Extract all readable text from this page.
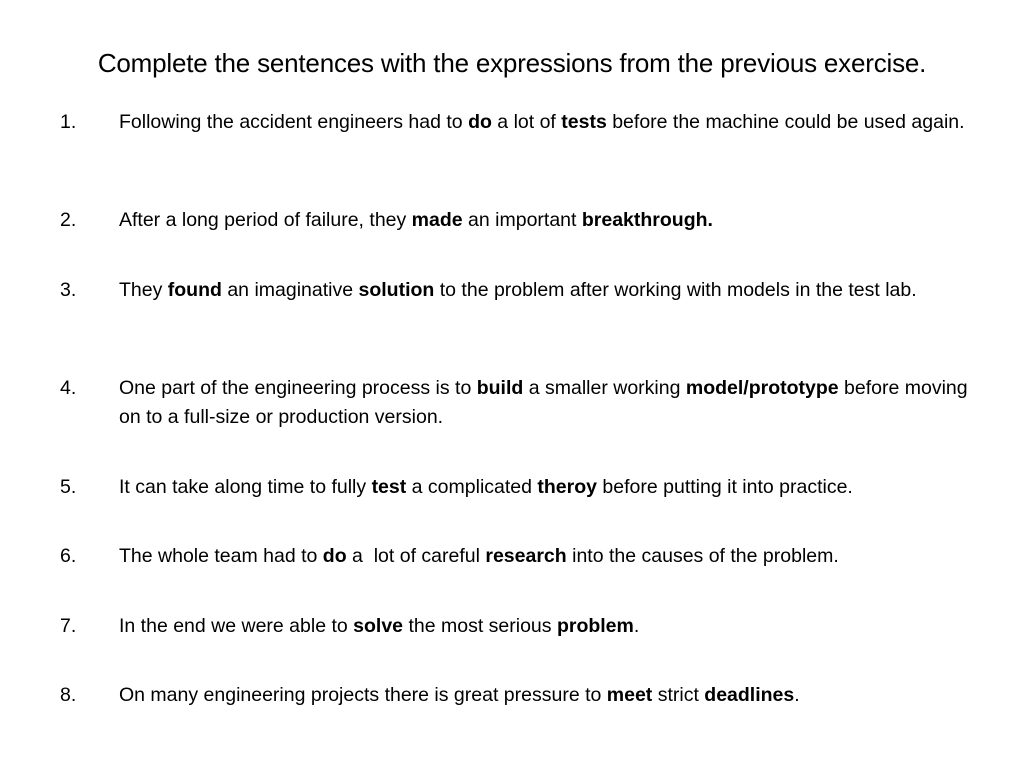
Complete the sentences with the expressions from the previous exercise.
1.	Following the accident engineers had to do a lot of tests before the machine could be used again.
2.	After a long period of failure, they made an important breakthrough.
3.	They found an imaginative solution to the problem after working with models in the test lab.
4.	One part of the engineering process is to build a smaller working model/prototype before moving on to a full-size or production version.
5.	It can take along time to fully test a complicated theroy before putting it into practice.
6.	The whole team had to do a  lot of careful research into the causes of the problem.
7.	In the end we were able to solve the most serious problem.
8.	On many engineering projects there is great pressure to meet strict deadlines.
